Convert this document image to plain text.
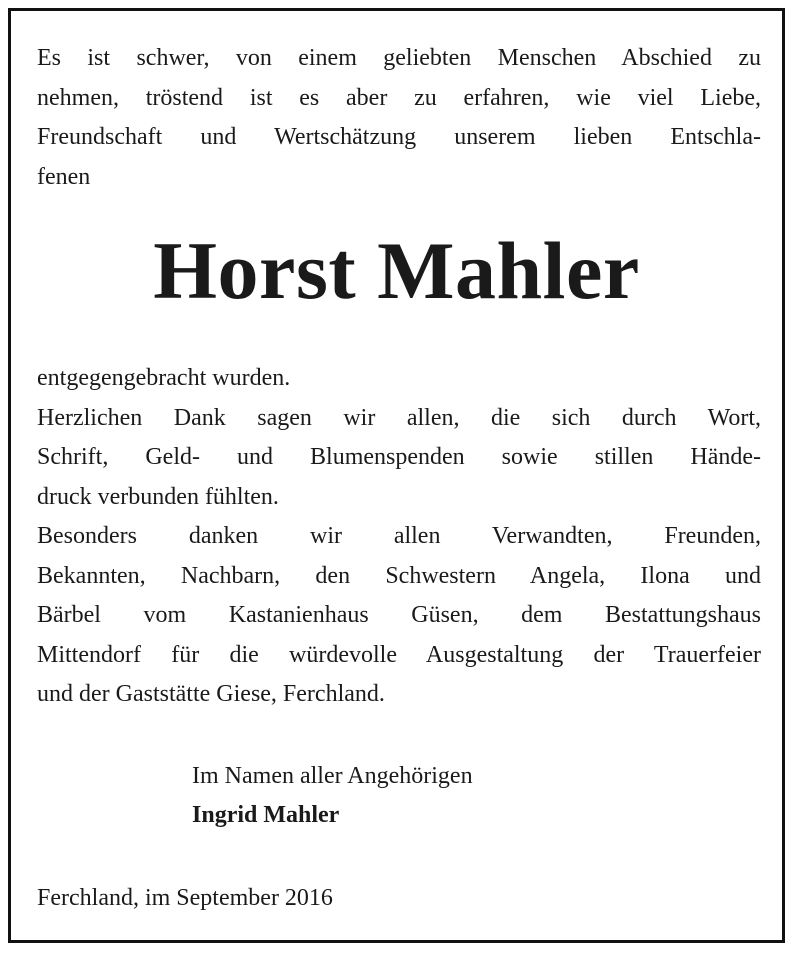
Es ist schwer, von einem geliebten Menschen Abschied zu
nehmen, tröstend ist es aber zu erfahren, wie viel Liebe,
Freundschaft und Wertschätzung unserem lieben Entschla-
fenen
Horst Mahler
entgegengebracht wurden.
Herzlichen Dank sagen wir allen, die sich durch Wort,
Schrift, Geld- und Blumenspenden sowie stillen Hände-
druck verbunden fühlten.
Besonders danken wir allen Verwandten, Freunden,
Bekannten, Nachbarn, den Schwestern Angela, Ilona und
Bärbel vom Kastanienhaus Güsen, dem Bestattungshaus
Mittendorf für die würdevolle Ausgestaltung der Trauerfeier
und der Gaststätte Giese, Ferchland.
Im Namen aller Angehörigen
Ingrid Mahler
Ferchland, im September 2016
